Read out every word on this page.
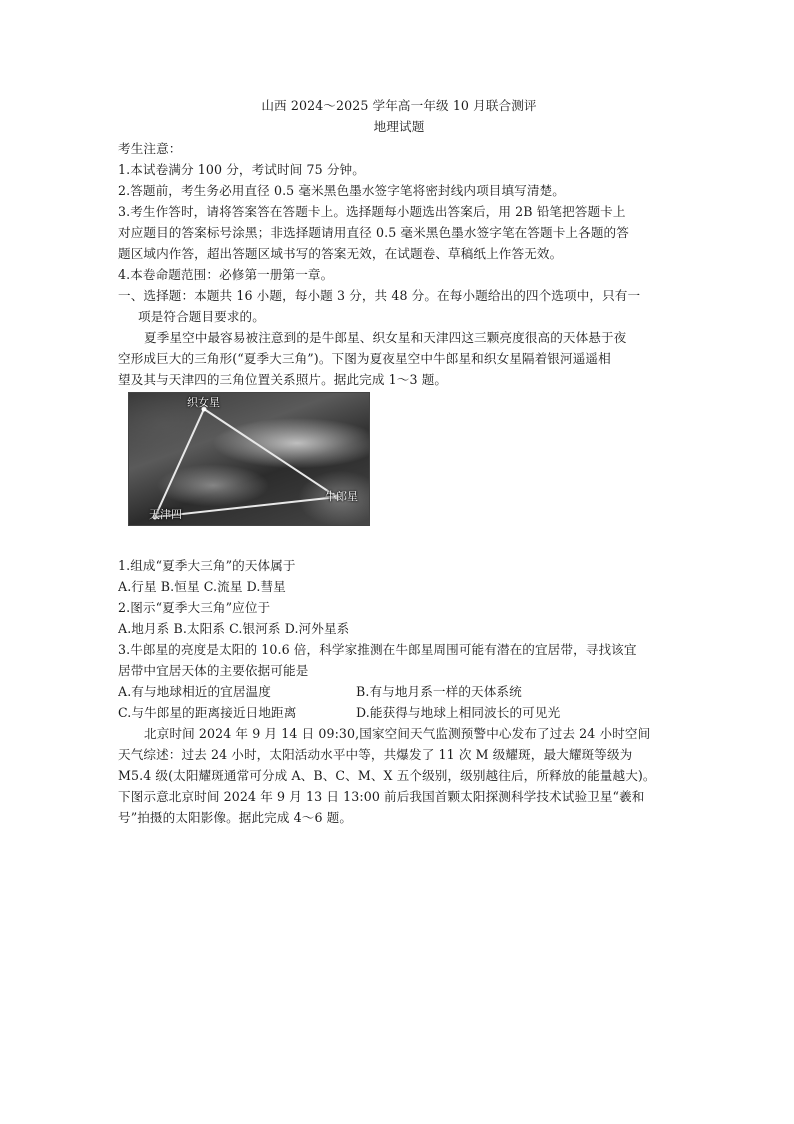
山西 2024～2025 学年高一年级 10 月联合测评
地理试题
考生注意：
1.本试卷满分 100 分，考试时间 75 分钟。
2.答题前，考生务必用直径 0.5 毫米黑色墨水签字笔将密封线内项目填写清楚。
3.考生作答时，请将答案答在答题卡上。选择题每小题选出答案后，用 2B 铅笔把答题卡上
对应题目的答案标号涂黑；非选择题请用直径 0.5 毫米黑色墨水签字笔在答题卡上各题的答
题区域内作答，超出答题区域书写的答案无效，在试题卷、草稿纸上作答无效。
4.本卷命题范围：必修第一册第一章。
一、选择题：本题共 16 小题，每小题 3 分，共 48 分。在每小题给出的四个选项中，只有一
项是符合题目要求的。
夏季星空中最容易被注意到的是牛郎星、织女星和天津四这三颗亮度很高的天体悬于夜
空形成巨大的三角形(“夏季大三角”)。下图为夏夜星空中牛郎星和织女星隔着银河遥遥相
望及其与天津四的三角位置关系照片。据此完成 1～3 题。
织女星
牛郎星
天津四
1.组成“夏季大三角”的天体属于
A.行星 B.恒星 C.流星 D.彗星
2.图示“夏季大三角”应位于
A.地月系 B.太阳系 C.银河系 D.河外星系
3.牛郎星的亮度是太阳的 10.6 倍，科学家推测在牛郎星周围可能有潜在的宜居带，寻找该宜
居带中宜居天体的主要依据可能是
A.有与地球相近的宜居温度	B.有与地月系一样的天体系统
C.与牛郎星的距离接近日地距离	D.能获得与地球上相同波长的可见光
北京时间 2024 年 9 月 14 日 09:30,国家空间天气监测预警中心发布了过去 24 小时空间
天气综述：过去 24 小时，太阳活动水平中等，共爆发了 11 次 M 级耀斑，最大耀斑等级为
M5.4 级(太阳耀斑通常可分成 A、B、C、M、X 五个级别，级别越往后，所释放的能量越大)。
下图示意北京时间 2024 年 9 月 13 日 13:00 前后我国首颗太阳探测科学技术试验卫星“羲和
号”拍摄的太阳影像。据此完成 4～6 题。
